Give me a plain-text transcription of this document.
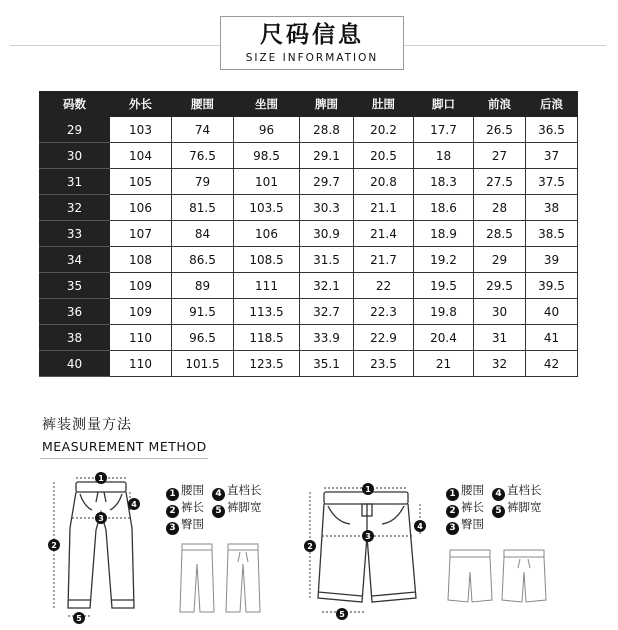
尺码信息
SIZE INFORMATION
码数	外长	腰围	坐围	脾围	肚围	脚口	前浪	后浪
29	103	74	96	28.8	20.2	17.7	26.5	36.5
30	104	76.5	98.5	29.1	20.5	18	27	37
31	105	79	101	29.7	20.8	18.3	27.5	37.5
32	106	81.5	103.5	30.3	21.1	18.6	28	38
33	107	84	106	30.9	21.4	18.9	28.5	38.5
34	108	86.5	108.5	31.5	21.7	19.2	29	39
35	109	89	111	32.1	22	19.5	29.5	39.5
36	109	91.5	113.5	32.7	22.3	19.8	30	40
38	110	96.5	118.5	33.9	22.9	20.4	31	41
40	110	101.5	123.5	35.1	23.5	21	32	42
裤装测量方法
MEASUREMENT METHOD
1
2
3
4
5
1 腰围 4 直档长
2 裤长 5 裤脚宽
3 臀围
1
2
3
4
5
1 腰围 4 直档长
2 裤长 5 裤脚宽
3 臀围
